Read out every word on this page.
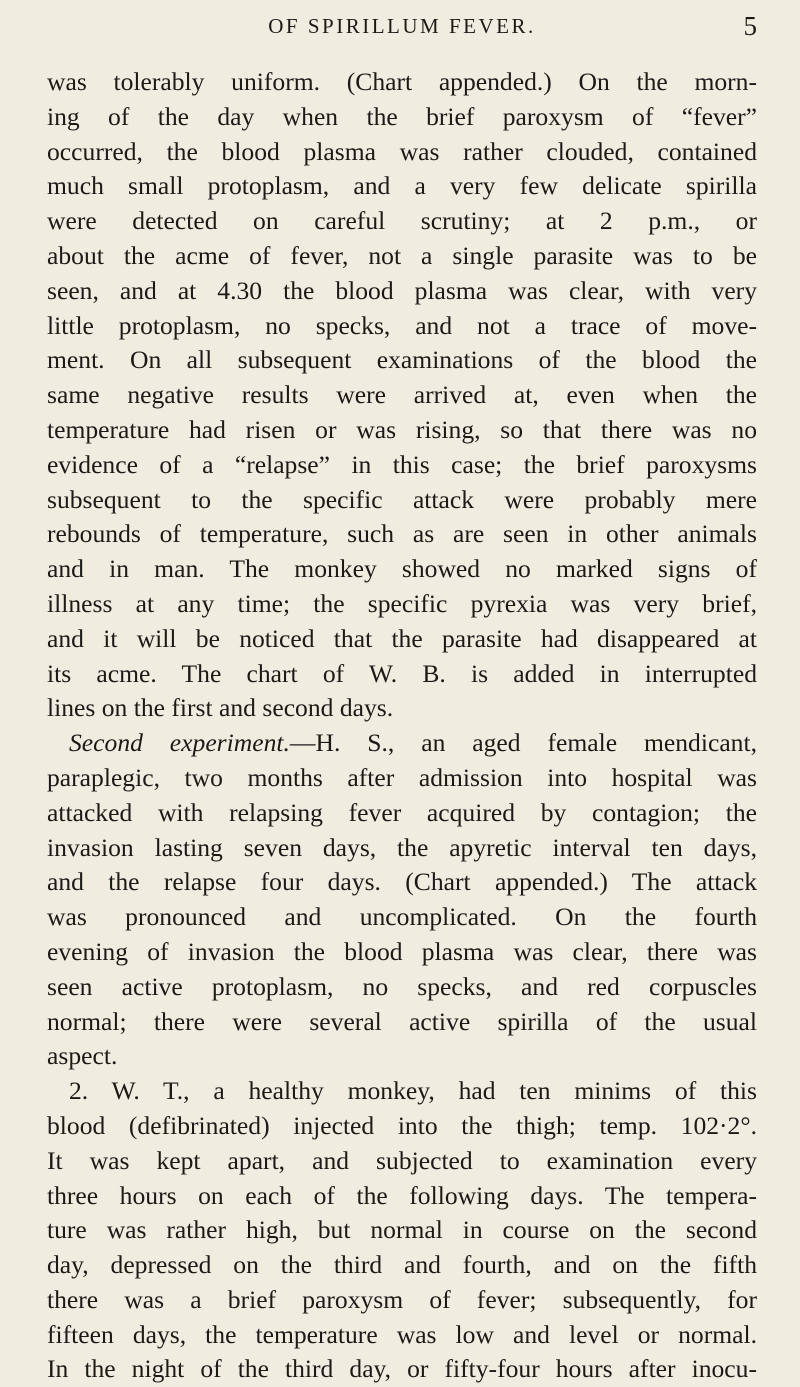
OF SPIRILLUM FEVER.	5
was tolerably uniform. (Chart appended.) On the morn-
ing of the day when the brief paroxysm of “fever”
occurred, the blood plasma was rather clouded, contained
much small protoplasm, and a very few delicate spirilla
were detected on careful scrutiny; at 2 p.m., or
about the acme of fever, not a single parasite was to be
seen, and at 4.30 the blood plasma was clear, with very
little protoplasm, no specks, and not a trace of move-
ment. On all subsequent examinations of the blood the
same negative results were arrived at, even when the
temperature had risen or was rising, so that there was no
evidence of a “relapse” in this case; the brief paroxysms
subsequent to the specific attack were probably mere
rebounds of temperature, such as are seen in other animals
and in man. The monkey showed no marked signs of
illness at any time; the specific pyrexia was very brief,
and it will be noticed that the parasite had disappeared at
its acme. The chart of W. B. is added in interrupted
lines on the first and second days.
Second experiment.—H. S., an aged female mendicant,
paraplegic, two months after admission into hospital was
attacked with relapsing fever acquired by contagion; the
invasion lasting seven days, the apyretic interval ten days,
and the relapse four days. (Chart appended.) The attack
was pronounced and uncomplicated. On the fourth
evening of invasion the blood plasma was clear, there was
seen active protoplasm, no specks, and red corpuscles
normal; there were several active spirilla of the usual
aspect.
2. W. T., a healthy monkey, had ten minims of this
blood (defibrinated) injected into the thigh; temp. 102·2°.
It was kept apart, and subjected to examination every
three hours on each of the following days. The tempera-
ture was rather high, but normal in course on the second
day, depressed on the third and fourth, and on the fifth
there was a brief paroxysm of fever; subsequently, for
fifteen days, the temperature was low and level or normal.
In the night of the third day, or fifty-four hours after inocu-
